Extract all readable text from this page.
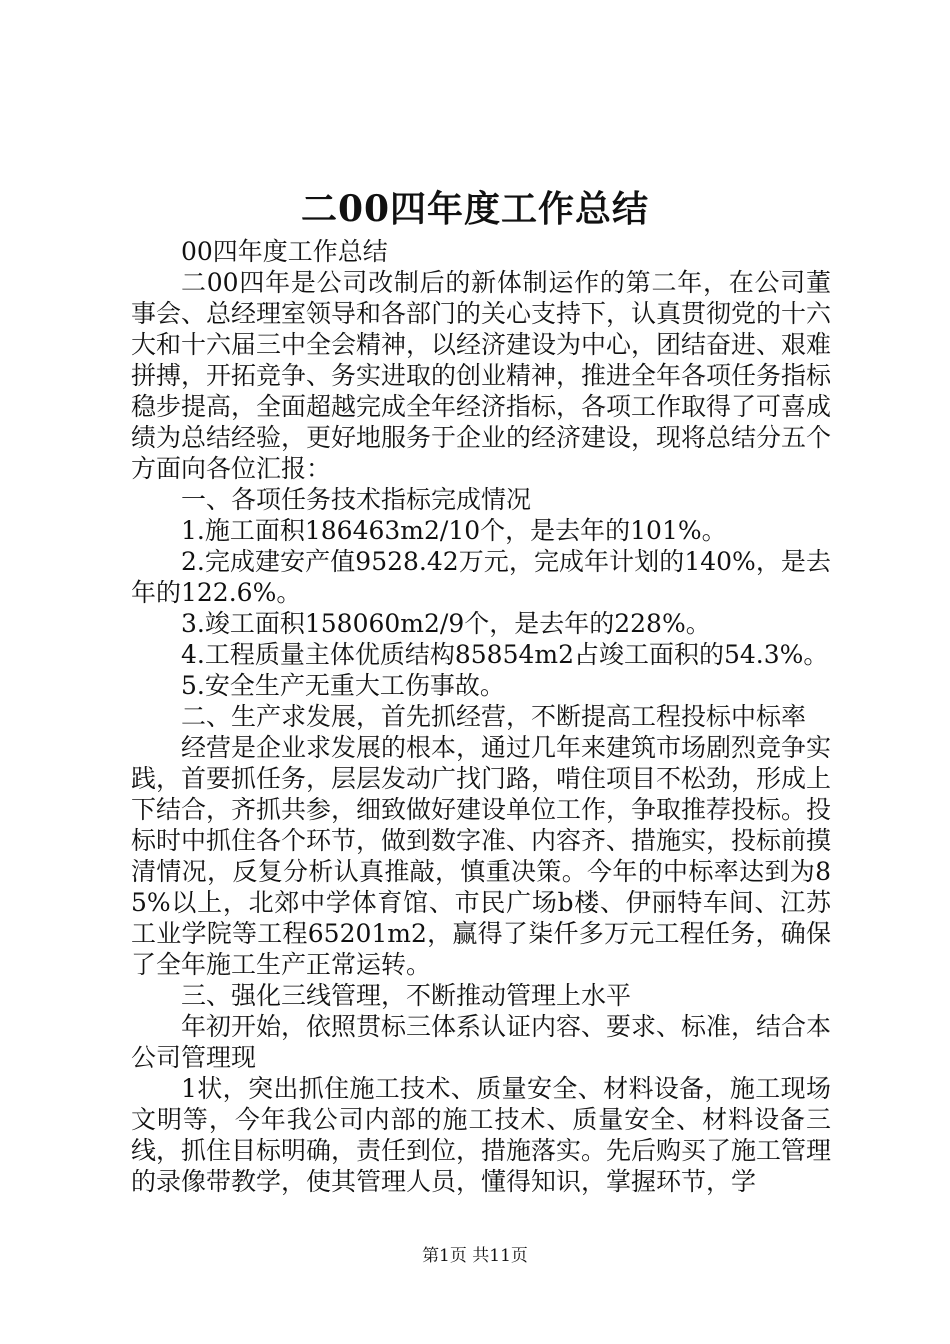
二00四年度工作总结

00四年度工作总结

二00四年是公司改制后的新体制运作的第二年，在公司董事会、总经理室领导和各部门的关心支持下，认真贯彻党的十六大和十六届三中全会精神，以经济建设为中心，团结奋进、艰难拼搏，开拓竞争、务实进取的创业精神，推进全年各项任务指标稳步提高，全面超越完成全年经济指标，各项工作取得了可喜成绩为总结经验，更好地服务于企业的经济建设，现将总结分五个方面向各位汇报：

一、各项任务技术指标完成情况

1.施工面积186463m2/10个，是去年的101%。

2.完成建安产值9528.42万元，完成年计划的140%，是去年的122.6%。

3.竣工面积158060m2/9个，是去年的228%。

4.工程质量主体优质结构85854m2占竣工面积的54.3%。

5.安全生产无重大工伤事故。

二、生产求发展，首先抓经营，不断提高工程投标中标率

经营是企业求发展的根本，通过几年来建筑市场剧烈竞争实践，首要抓任务，层层发动广找门路，啃住项目不松劲，形成上下结合，齐抓共参，细致做好建设单位工作，争取推荐投标。投标时中抓住各个环节，做到数字准、内容齐、措施实，投标前摸清情况，反复分析认真推敲，慎重决策。今年的中标率达到为85%以上，北郊中学体育馆、市民广场b楼、伊丽特车间、江苏工业学院等工程65201m2，赢得了柒仟多万元工程任务，确保了全年施工生产正常运转。

三、强化三线管理，不断推动管理上水平

年初开始，依照贯标三体系认证内容、要求、标准，结合本公司管理现

1状，突出抓住施工技术、质量安全、材料设备，施工现场文明等，今年我公司内部的施工技术、质量安全、材料设备三线，抓住目标明确，责任到位，措施落实。先后购买了施工管理的录像带教学，使其管理人员，懂得知识，掌握环节，学

第1页 共11页
